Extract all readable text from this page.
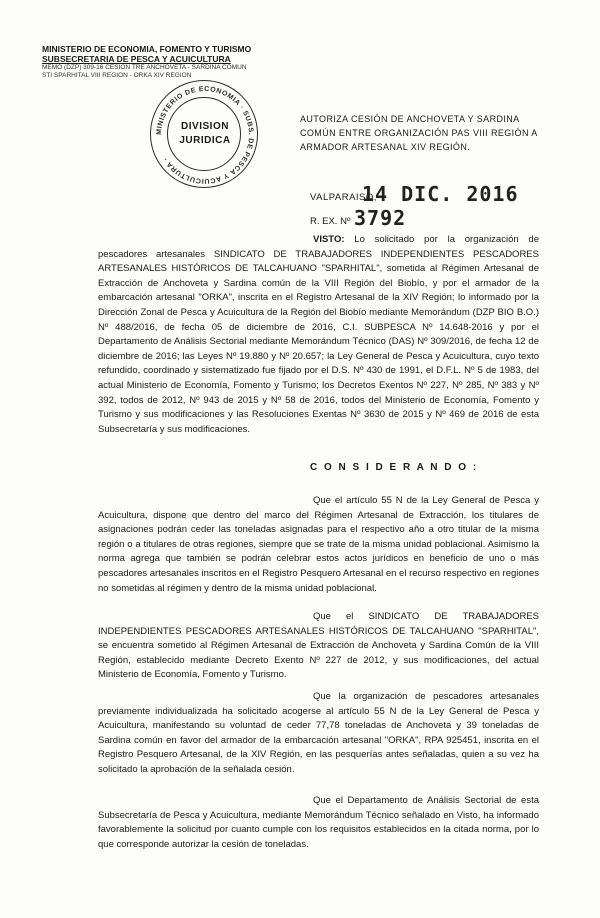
MINISTERIO DE ECONOMIA, FOMENTO Y TURISMO
SUBSECRETARIA DE PESCA Y ACUICULTURA
MEMO (DZP) 309-16 CESION TRE ANCHOVETA - SARDINA COMUN
STI SPARHITAL VIII REGION - ORKA XIV REGION
MINISTERIO DE ECONOMIA · SUBS. DE PESCA Y ACUICULTURA ·
DIVISION
JURIDICA
AUTORIZA CESIÓN DE ANCHOVETA Y SARDINA COMÚN ENTRE ORGANIZACIÓN PAS VIII REGIÓN A ARMADOR ARTESANAL XIV REGIÓN.
VALPARAISO,
14 DIC. 2016
R. EX. Nº 3792
VISTO: Lo solicitado por la organización de pescadores artesanales SINDICATO DE TRABAJADORES INDEPENDIENTES PESCADORES ARTESANALES HISTÓRICOS DE TALCAHUANO "SPARHITAL", sometida al Régimen Artesanal de Extracción de Anchoveta y Sardina común de la VIII Región del Biobío, y por el armador de la embarcación artesanal "ORKA", inscrita en el Registro Artesanal de la XIV Región; lo informado por la Dirección Zonal de Pesca y Acuicultura de la Región del Biobío mediante Memorándum (DZP BIO B.O.) Nº 488/2016, de fecha 05 de diciembre de 2016, C.I. SUBPESCA Nº 14.648-2016 y por el Departamento de Análisis Sectorial mediante Memorándum Técnico (DAS) Nº 309/2016, de fecha 12 de diciembre de 2016; las Leyes Nº 19.880 y Nº 20.657; la Ley General de Pesca y Acuicultura, cuyo texto refundido, coordinado y sistematizado fue fijado por el D.S. Nº 430 de 1991, el D.F.L. Nº 5 de 1983, del actual Ministerio de Economía, Fomento y Turismo; los Decretos Exentos Nº 227, Nº 285, Nº 383 y Nº 392, todos de 2012, Nº 943 de 2015 y Nº 58 de 2016, todos del Ministerio de Economía, Fomento y Turismo y sus modificaciones y las Resoluciones Exentas Nº 3630 de 2015 y Nº 469 de 2016 de esta Subsecretaría y sus modificaciones.
C O N S I D E R A N D O :
Que el artículo 55 N de la Ley General de Pesca y Acuicultura, dispone que dentro del marco del Régimen Artesanal de Extracción, los titulares de asignaciones podrán ceder las toneladas asignadas para el respectivo año a otro titular de la misma región o a titulares de otras regiones, siempre que se trate de la misma unidad poblacional. Asimismo la norma agrega que también se podrán celebrar estos actos jurídicos en beneficio de uno o más pescadores artesanales inscritos en el Registro Pesquero Artesanal en el recurso respectivo en regiones no sometidas al régimen y dentro de la misma unidad poblacional.
Que el SINDICATO DE TRABAJADORES INDEPENDIENTES PESCADORES ARTESANALES HISTÓRICOS DE TALCAHUANO "SPARHITAL", se encuentra sometido al Régimen Artesanal de Extracción de Anchoveta y Sardina Común de la VIII Región, establecido mediante Decreto Exento Nº 227 de 2012, y sus modificaciones, del actual Ministerio de Economía, Fomento y Turismo.
Que la organización de pescadores artesanales previamente individualizada ha solicitado acogerse al artículo 55 N de la Ley General de Pesca y Acuicultura, manifestando su voluntad de ceder 77,78 toneladas de Anchoveta y 39 toneladas de Sardina común en favor del armador de la embarcación artesanal "ORKA", RPA 925451, inscrita en el Registro Pesquero Artesanal, de la XIV Región, en las pesquerías antes señaladas, quien a su vez ha solicitado la aprobación de la señalada cesión.
Que el Departamento de Análisis Sectorial de esta Subsecretaría de Pesca y Acuicultura, mediante Memorándum Técnico señalado en Visto, ha informado favorablemente la solicitud por cuanto cumple con los requisitos establecidos en la citada norma, por lo que corresponde autorizar la cesión de toneladas.
